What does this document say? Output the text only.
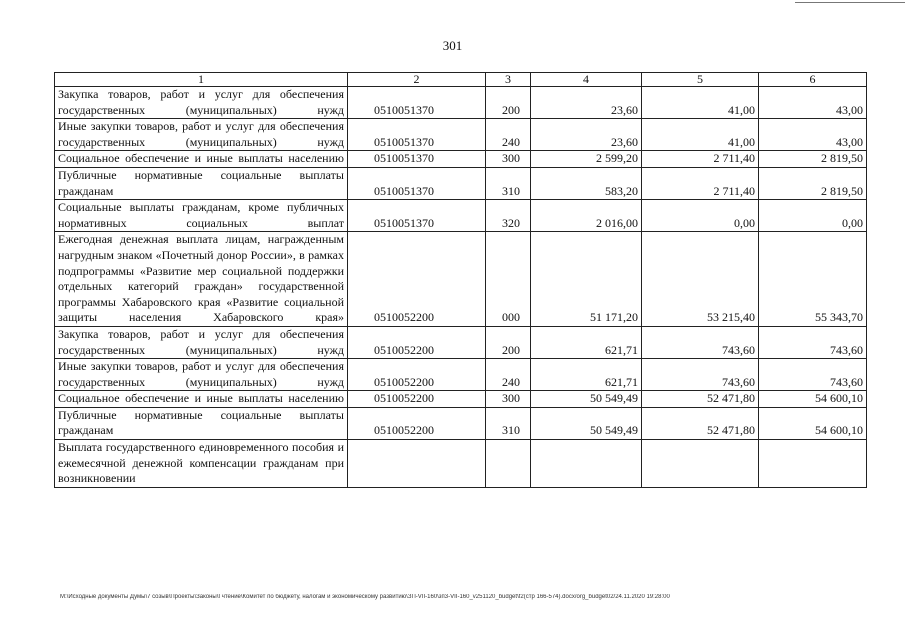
301
1	2	3	4	5	6
Закупка товаров, работ и услуг для обеспечения государственных (муниципальных) нужд	0510051370	200	23,60	41,00	43,00
Иные закупки товаров, работ и услуг для обеспечения государственных (муниципальных) нужд	0510051370	240	23,60	41,00	43,00
Социальное обеспечение и иные выплаты населению	0510051370	300	2 599,20	2 711,40	2 819,50
Публичные нормативные социальные выплаты гражданам	0510051370	310	583,20	2 711,40	2 819,50
Социальные выплаты гражданам, кроме публичных нормативных социальных выплат	0510051370	320	2 016,00	0,00	0,00
Ежегодная денежная выплата лицам, награжденным нагрудным знаком «Почетный донор России», в рамках подпрограммы «Развитие мер социальной поддержки отдельных категорий граждан» государственной программы Хабаровского края «Развитие социальной защиты населения Хабаровского края»	0510052200	000	51 171,20	53 215,40	55 343,70
Закупка товаров, работ и услуг для обеспечения государственных (муниципальных) нужд	0510052200	200	621,71	743,60	743,60
Иные закупки товаров, работ и услуг для обеспечения государственных (муниципальных) нужд	0510052200	240	621,71	743,60	743,60
Социальное обеспечение и иные выплаты населению	0510052200	300	50 549,49	52 471,80	54 600,10
Публичные нормативные социальные выплаты гражданам	0510052200	310	50 549,49	52 471,80	54 600,10
Выплата государственного единовременного пособия и ежемесячной денежной компенсации гражданам при возникновении					
M:\Исходные документы Думы\7 созыв\Проекты\Законы\I чтение\Комитет по бюджету, налогам и экономическому развитию\ЗП-VII-160\зп3-VII-160_v251120_budget\f2(стр 166-574).docx/org_budget02/24.11.2020 19:28:00
